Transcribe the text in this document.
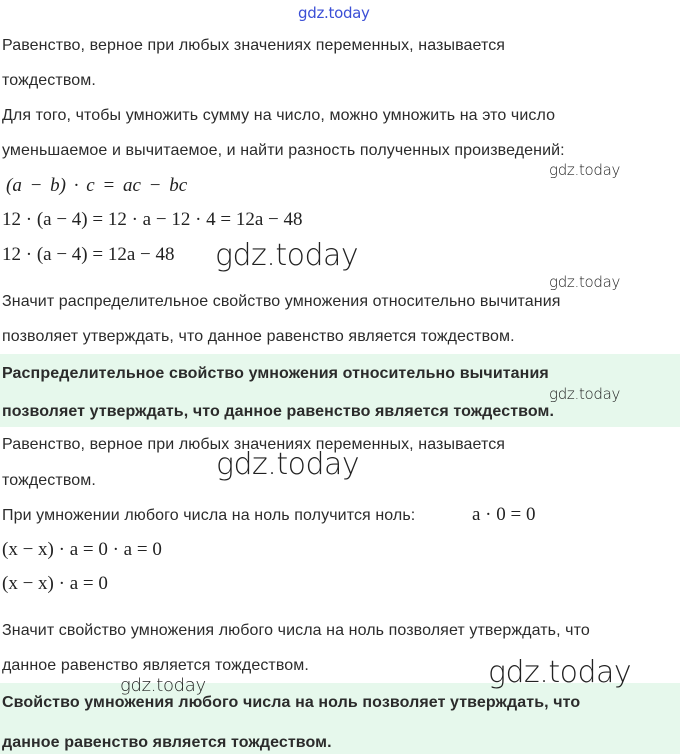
gdz.today
Равенство, верное при любых значениях переменных, называется
тождеством.
Для того, чтобы умножить сумму на число, можно умножить на это число
уменьшаемое и вычитаемое, и найти разность полученных произведений:
gdz.today
(a − b) · c = ac − bc
12 · (a − 4) = 12 · a − 12 · 4 = 12a − 48
12 · (a − 4) = 12a − 48 gdz.today
gdz.today
Значит распределительное свойство умножения относительно вычитания
позволяет утверждать, что данное равенство является тождеством.
Распределительное свойство умножения относительно вычитания
gdz.today
позволяет утверждать, что данное равенство является тождеством.
Равенство, верное при любых значениях переменных, называется
gdz.today
тождеством.
При умножении любого числа на ноль получится ноль:	a · 0 = 0
(x − x) · a = 0 · a = 0
(x − x) · a = 0
Значит свойство умножения любого числа на ноль позволяет утверждать, что
данное равенство является тождеством.	gdz.today
gdz.today
Свойство умножения любого числа на ноль позволяет утверждать, что
данное равенство является тождеством.
